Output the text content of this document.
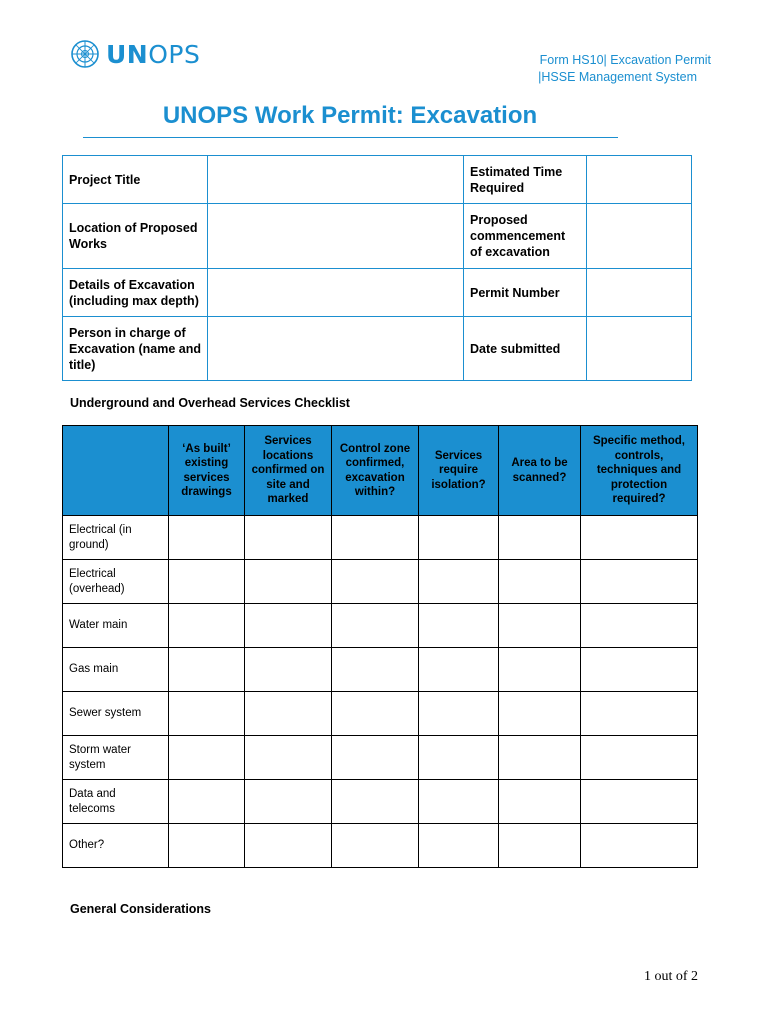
UNOPS	Form HS10| Excavation Permit
|HSSE Management System
UNOPS Work Permit: Excavation
Project Title		Estimated Time Required	
Location of Proposed Works		Proposed commencement of excavation	
Details of Excavation (including max depth)		Permit Number	
Person in charge of Excavation (name and title)		Date submitted	
Underground and Overhead Services Checklist
	‘As built’ existing services drawings	Services locations confirmed on site and marked	Control zone confirmed, excavation within?	Services require isolation?	Area to be scanned?	Specific method, controls, techniques and protection required?
Electrical (in ground)						
Electrical (overhead)						
Water main						
Gas main						
Sewer system						
Storm water system						
Data and telecoms						
Other?						
General Considerations
1 out of 2
